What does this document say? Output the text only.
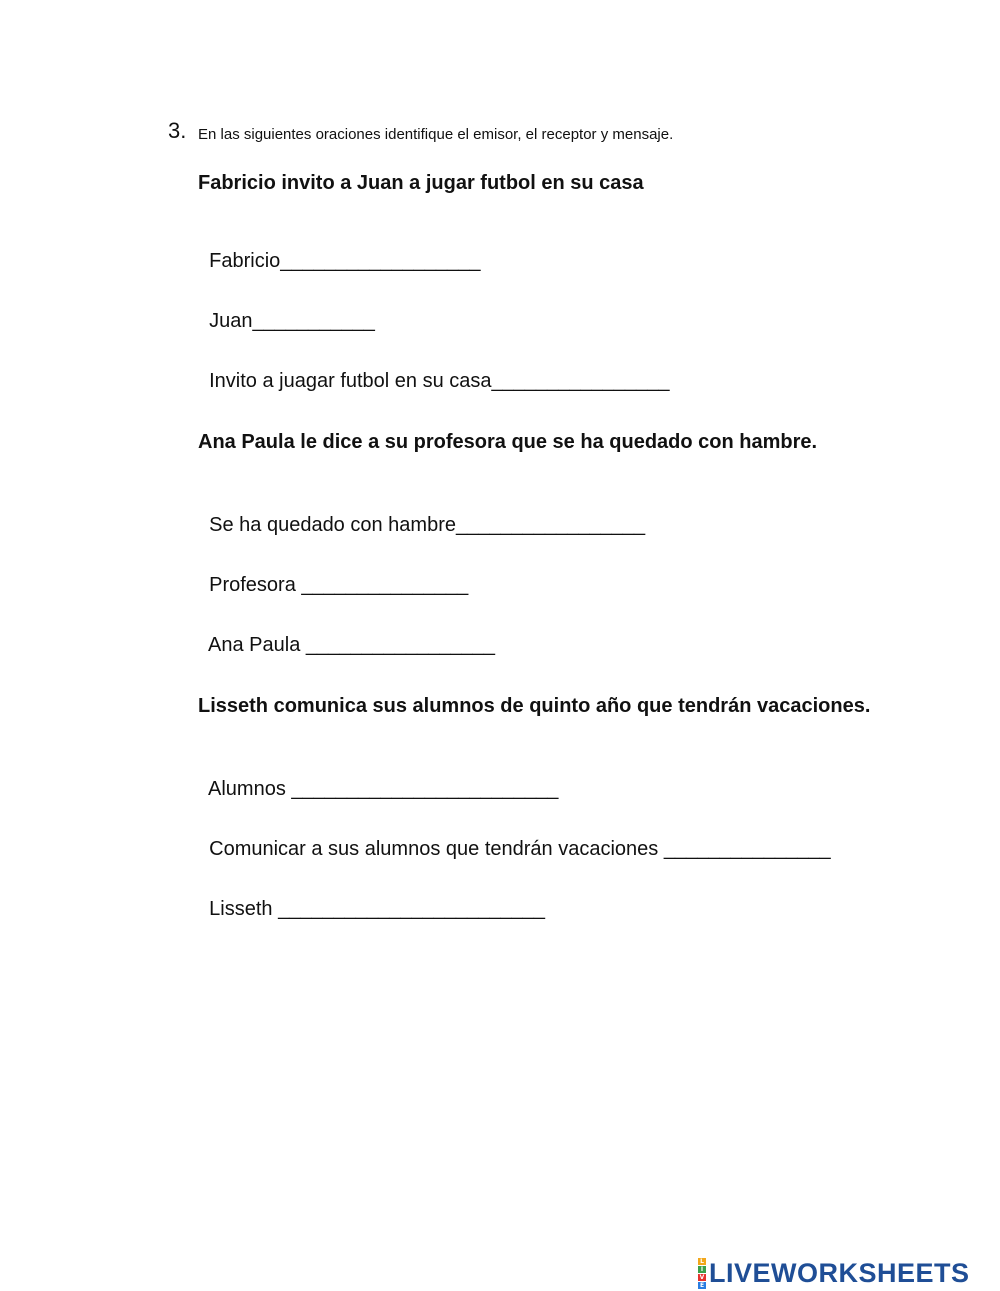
3. En las siguientes oraciones identifique el emisor, el receptor y mensaje.
Fabricio invito a Juan a jugar futbol en su casa

Fabricio__________________

Juan___________

Invito a juagar futbol en su casa________________

Ana Paula le dice a su profesora que se ha quedado con hambre.

Se ha quedado con hambre_________________

Profesora _______________

Ana Paula _________________

Lisseth comunica sus alumnos de quinto año que tendrán vacaciones.

Alumnos ________________________

Comunicar a sus alumnos que tendrán vacaciones _______________

Lisseth ________________________

L
I
V
E LIVEWORKSHEETS
